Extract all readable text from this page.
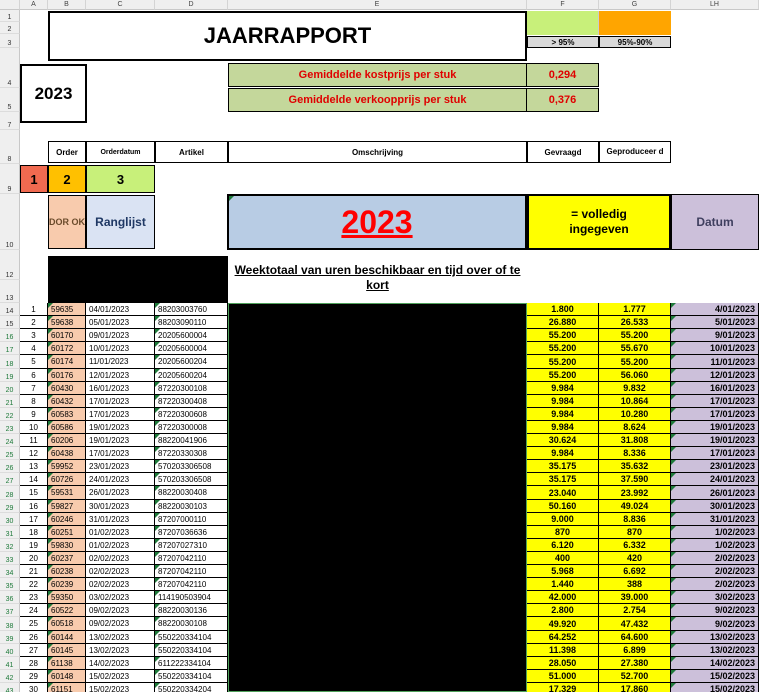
A	B	C	D	E	F	G	LH
1
2
3
4
5
7
8
9
10
12
13
JAARRAPPORT	> 95%	95%-90%
2023
Gemiddelde kostprijs per stuk	0,294
Gemiddelde verkoopprijs per stuk	0,376
Order	Orderdatum	Artikel	Omschrijving	Gevraagd	Geproduceer d
1	2	3
DOR OK Ranglijst	2023	= volledig ingegeven	Datum
Weektotaal van uren beschikbaar en tijd over of te kort
14	1	59635	04/01/2023	88203003760	1.800	1.777	4/01/2023
15	2	59638	05/01/2023	88203090110	26.880	26.533	5/01/2023
16	3	60170	09/01/2023	20205600004	55.200	55.200	9/01/2023
17	4	60172	10/01/2023	20205600004	55.200	55.670	10/01/2023
18	5	60174	11/01/2023	20205600204	55.200	55.200	11/01/2023
19	6	60176	12/01/2023	20205600204	55.200	56.060	12/01/2023
20	7	60430	16/01/2023	87220300108	9.984	9.832	16/01/2023
21	8	60432	17/01/2023	87220300408	9.984	10.864	17/01/2023
22	9	60583	17/01/2023	87220300608	9.984	10.280	17/01/2023
23	10	60586	19/01/2023	87220300008	9.984	8.624	19/01/2023
24	11	60206	19/01/2023	88220041906	30.624	31.808	19/01/2023
25	12	60438	17/01/2023	87220330308	9.984	8.336	17/01/2023
26	13	59952	23/01/2023	570203306508	35.175	35.632	23/01/2023
27	14	60726	24/01/2023	570203306508	35.175	37.590	24/01/2023
28	15	59531	26/01/2023	88220030408	23.040	23.992	26/01/2023
29	16	59827	30/01/2023	88220030103	50.160	49.024	30/01/2023
30	17	60246	31/01/2023	87207000110	9.000	8.836	31/01/2023
31	18	60251	01/02/2023	87207036636	870	870	1/02/2023
32	19	59830	01/02/2023	87207027310	6.120	6.332	1/02/2023
33	20	60237	02/02/2023	87207042110	400	420	2/02/2023
34	21	60238	02/02/2023	87207042110	5.968	6.692	2/02/2023
35	22	60239	02/02/2023	87207042110	1.440	388	2/02/2023
36	23	59350	03/02/2023	114190503904	42.000	39.000	3/02/2023
37	24	60522	09/02/2023	88220030136	2.800	2.754	9/02/2023
38	25	60518	09/02/2023	88220030108	49.920	47.432	9/02/2023
39	26	60144	13/02/2023	550220334104	64.252	64.600	13/02/2023
40	27	60145	13/02/2023	550220334104	11.398	6.899	13/02/2023
41	28	61138	14/02/2023	611222334104	28.050	27.380	14/02/2023
42	29	60148	15/02/2023	550220334104	51.000	52.700	15/02/2023
43	30	61151	15/02/2023	550220334204	17.329	17.860	15/02/2023
